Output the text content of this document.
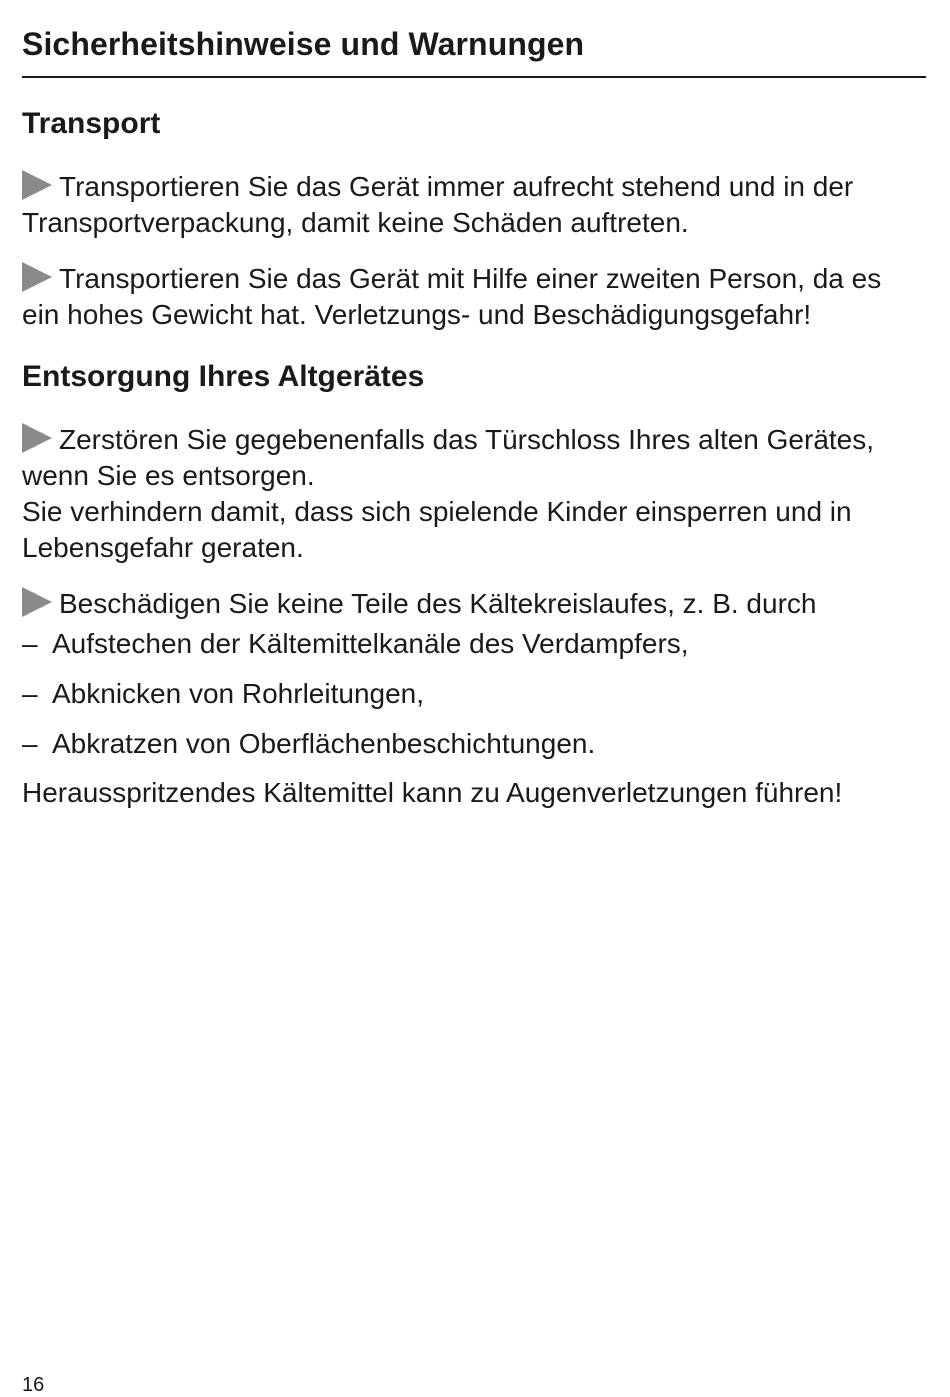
Sicherheitshinweise und Warnungen
Transport
Transportieren Sie das Gerät immer aufrecht stehend und in der
Transportverpackung, damit keine Schäden auftreten.
Transportieren Sie das Gerät mit Hilfe einer zweiten Person, da es
ein hohes Gewicht hat. Verletzungs- und Beschädigungsgefahr!
Entsorgung Ihres Altgerätes
Zerstören Sie gegebenenfalls das Türschloss Ihres alten Gerätes,
wenn Sie es entsorgen.
Sie verhindern damit, dass sich spielende Kinder einsperren und in
Lebensgefahr geraten.
Beschädigen Sie keine Teile des Kältekreislaufes, z. B. durch
– Aufstechen der Kältemittelkanäle des Verdampfers,
– Abknicken von Rohrleitungen,
– Abkratzen von Oberflächenbeschichtungen.
Herausspritzendes Kältemittel kann zu Augenverletzungen führen!
16
